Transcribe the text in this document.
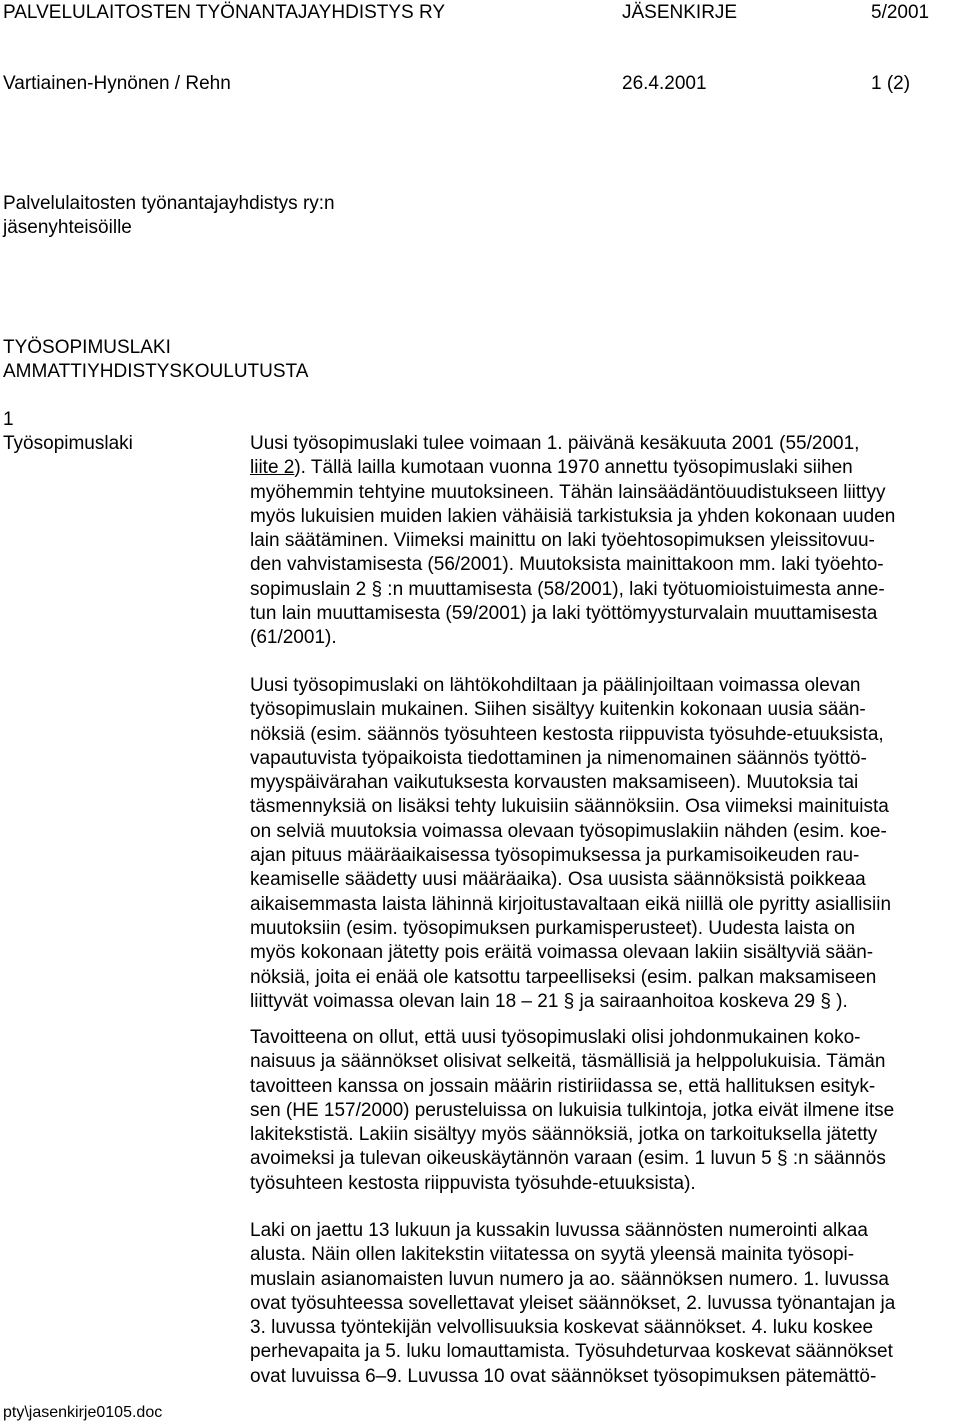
PALVELULAITOSTEN TYÖNANTAJAYHDISTYS RY	JÄSENKIRJE	5/2001
Vartiainen-Hynönen / Rehn	26.4.2001	1 (2)
Palvelulaitosten työnantajayhdistys ry:n
jäsenyhteisöille
TYÖSOPIMUSLAKI
AMMATTIYHDISTYSKOULUTUSTA
1
Työsopimuslaki	Uusi työsopimuslaki tulee voimaan 1. päivänä kesäkuuta 2001 (55/2001,
liite 2). Tällä lailla kumotaan vuonna 1970 annettu työsopimuslaki siihen
myöhemmin tehtyine muutoksineen. Tähän lainsäädäntöuudistukseen liittyy
myös lukuisien muiden lakien vähäisiä tarkistuksia ja yhden kokonaan uuden
lain säätäminen. Viimeksi mainittu on laki työehtosopimuksen yleissitovuu-
den vahvistamisesta (56/2001). Muutoksista mainittakoon mm. laki työehto-
sopimuslain 2 § :n muuttamisesta (58/2001), laki työtuomioistuimesta anne-
tun lain muuttamisesta (59/2001) ja laki työttömyysturvalain muuttamisesta
(61/2001).
Uusi työsopimuslaki on lähtökohdiltaan ja päälinjoiltaan voimassa olevan
työsopimuslain mukainen. Siihen sisältyy kuitenkin kokonaan uusia sään-
nöksiä (esim. säännös työsuhteen kestosta riippuvista työsuhde-etuuksista,
vapautuvista työpaikoista tiedottaminen ja nimenomainen säännös työttö-
myyspäivärahan vaikutuksesta korvausten maksamiseen). Muutoksia tai
täsmennyksiä on lisäksi tehty lukuisiin säännöksiin. Osa viimeksi mainituista
on selviä muutoksia voimassa olevaan työsopimuslakiin nähden (esim. koe-
ajan pituus määräaikaisessa työsopimuksessa ja purkamisoikeuden rau-
keamiselle säädetty uusi määräaika). Osa uusista säännöksistä poikkeaa
aikaisemmasta laista lähinnä kirjoitustavaltaan eikä niillä ole pyritty asiallisiin
muutoksiin (esim. työsopimuksen purkamisperusteet). Uudesta laista on
myös kokonaan jätetty pois eräitä voimassa olevaan lakiin sisältyviä sään-
nöksiä, joita ei enää ole katsottu tarpeelliseksi (esim. palkan maksamiseen
liittyvät voimassa olevan lain 18 – 21 § ja sairaanhoitoa koskeva 29 § ).
Tavoitteena on ollut, että uusi työsopimuslaki olisi johdonmukainen koko-
naisuus ja säännökset olisivat selkeitä, täsmällisiä ja helppolukuisia. Tämän
tavoitteen kanssa on jossain määrin ristiriidassa se, että hallituksen esityk-
sen (HE 157/2000) perusteluissa on lukuisia tulkintoja, jotka eivät ilmene itse
lakitekstistä. Lakiin sisältyy myös säännöksiä, jotka on tarkoituksella jätetty
avoimeksi ja tulevan oikeuskäytännön varaan (esim. 1 luvun 5 § :n säännös
työsuhteen kestosta riippuvista työsuhde-etuuksista).
Laki on jaettu 13 lukuun ja kussakin luvussa säännösten numerointi alkaa
alusta. Näin ollen lakitekstin viitatessa on syytä yleensä mainita työsopi-
muslain asianomaisten luvun numero ja ao. säännöksen numero. 1. luvussa
ovat työsuhteessa sovellettavat yleiset säännökset, 2. luvussa työnantajan ja
3. luvussa työntekijän velvollisuuksia koskevat säännökset. 4. luku koskee
perhevapaita ja 5. luku lomauttamista. Työsuhdeturvaa koskevat säännökset
ovat luvuissa 6–9. Luvussa 10 ovat säännökset työsopimuksen pätemättö-
pty\jasenkirje0105.doc
